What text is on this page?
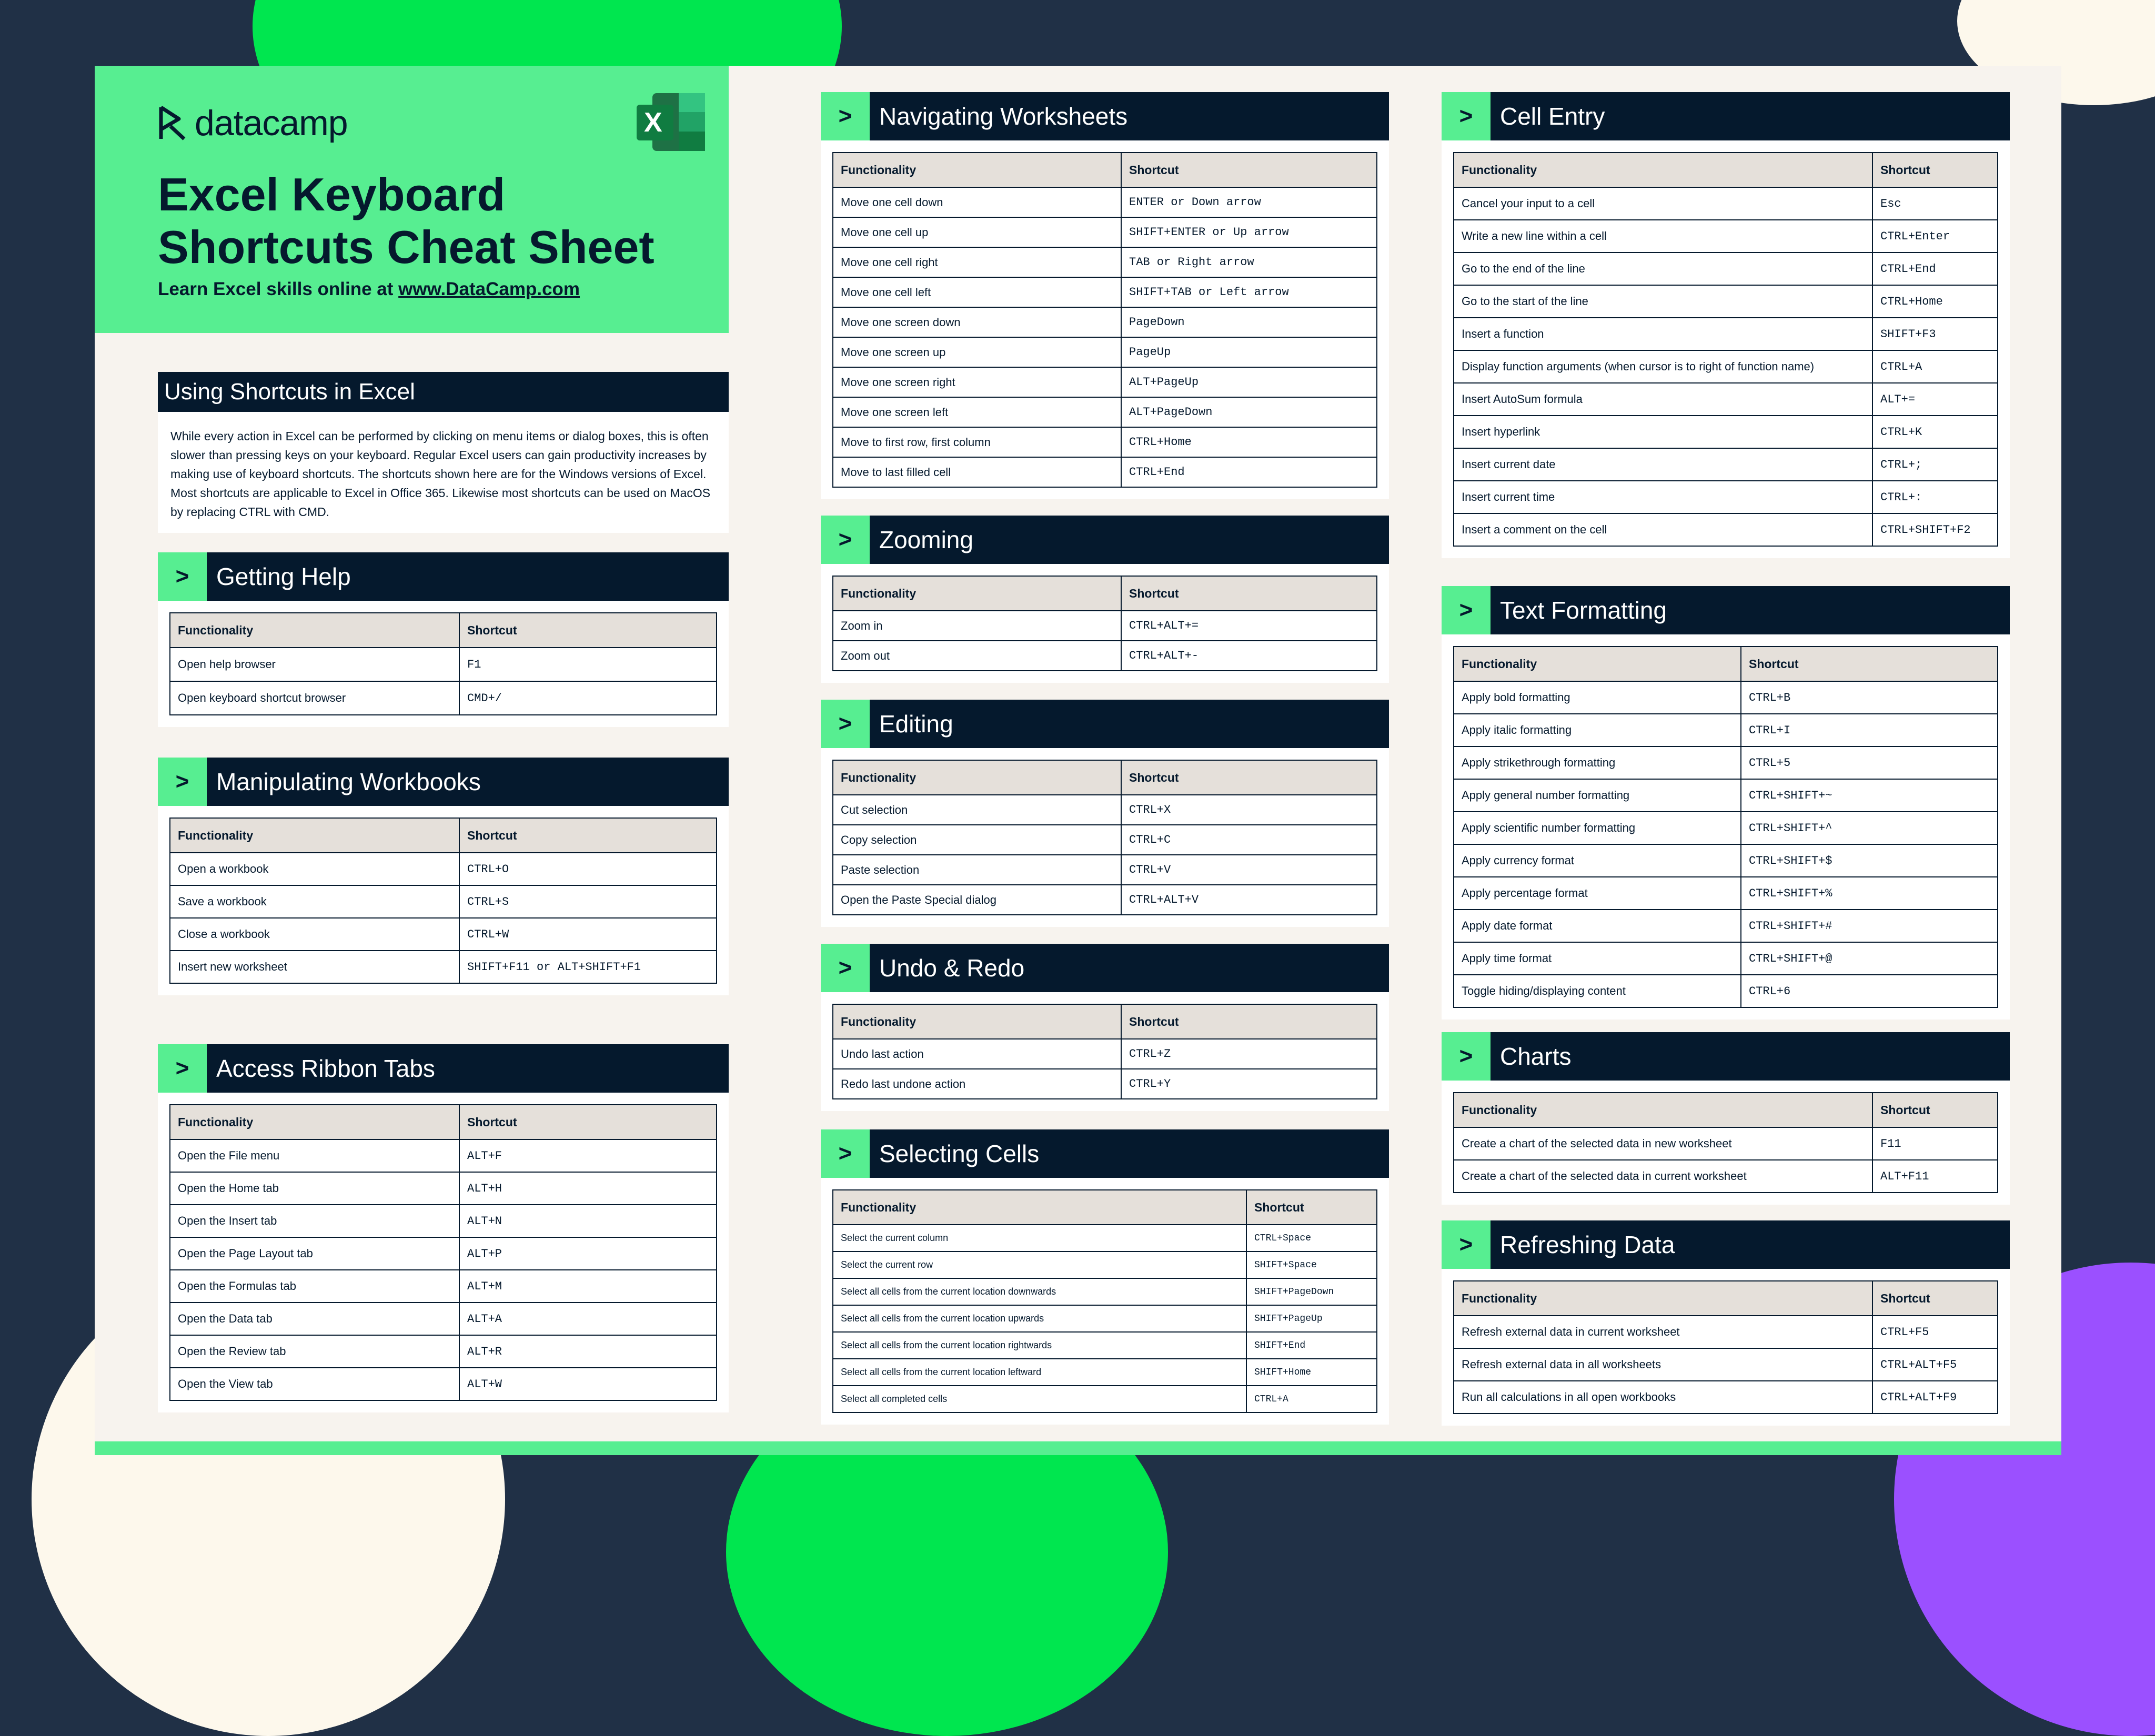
datacamp	X
Excel Keyboard
Shortcuts Cheat Sheet
Learn Excel skills online at www.DataCamp.com
Using Shortcuts in Excel
While every action in Excel can be performed by clicking on menu items or dialog boxes, this is often slower than pressing keys on your keyboard. Regular Excel users can gain productivity increases by making use of keyboard shortcuts. The shortcuts shown here are for the Windows versions of Excel. Most shortcuts are applicable to Excel in Office 365. Likewise most shortcuts can be used on MacOS by replacing CTRL with CMD.
>	Getting Help
Functionality	Shortcut
Open help browser	F1
Open keyboard shortcut browser	CMD+/
>	Manipulating Workbooks
Functionality	Shortcut
Open a workbook	CTRL+O
Save a workbook	CTRL+S
Close a workbook	CTRL+W
Insert new worksheet	SHIFT+F11 or ALT+SHIFT+F1
>	Access Ribbon Tabs
Functionality	Shortcut
Open the File menu	ALT+F
Open the Home tab	ALT+H
Open the Insert tab	ALT+N
Open the Page Layout tab	ALT+P
Open the Formulas tab	ALT+M
Open the Data tab	ALT+A
Open the Review tab	ALT+R
Open the View tab	ALT+W
>	Navigating Worksheets
Functionality	Shortcut
Move one cell down	ENTER or Down arrow
Move one cell up	SHIFT+ENTER or Up arrow
Move one cell right	TAB or Right arrow
Move one cell left	SHIFT+TAB or Left arrow
Move one screen down	PageDown
Move one screen up	PageUp
Move one screen right	ALT+PageUp
Move one screen left	ALT+PageDown
Move to first row, first column	CTRL+Home
Move to last filled cell	CTRL+End
>	Zooming
Functionality	Shortcut
Zoom in	CTRL+ALT+=
Zoom out	CTRL+ALT+-
>	Editing
Functionality	Shortcut
Cut selection	CTRL+X
Copy selection	CTRL+C
Paste selection	CTRL+V
Open the Paste Special dialog	CTRL+ALT+V
>	Undo & Redo
Functionality	Shortcut
Undo last action	CTRL+Z
Redo last undone action	CTRL+Y
>	Selecting Cells
Functionality	Shortcut
Select the current column	CTRL+Space
Select the current row	SHIFT+Space
Select all cells from the current location downwards	SHIFT+PageDown
Select all cells from the current location upwards	SHIFT+PageUp
Select all cells from the current location rightwards	SHIFT+End
Select all cells from the current location leftward	SHIFT+Home
Select all completed cells	CTRL+A
>	Cell Entry
Functionality	Shortcut
Cancel your input to a cell	Esc
Write a new line within a cell	CTRL+Enter
Go to the end of the line	CTRL+End
Go to the start of the line	CTRL+Home
Insert a function	SHIFT+F3
Display function arguments (when cursor is to right of function name)	CTRL+A
Insert AutoSum formula	ALT+=
Insert hyperlink	CTRL+K
Insert current date	CTRL+;
Insert current time	CTRL+:
Insert a comment on the cell	CTRL+SHIFT+F2
>	Text Formatting
Functionality	Shortcut
Apply bold formatting	CTRL+B
Apply italic formatting	CTRL+I
Apply strikethrough formatting	CTRL+5
Apply general number formatting	CTRL+SHIFT+~
Apply scientific number formatting	CTRL+SHIFT+^
Apply currency format	CTRL+SHIFT+$
Apply percentage format	CTRL+SHIFT+%
Apply date format	CTRL+SHIFT+#
Apply time format	CTRL+SHIFT+@
Toggle hiding/displaying content	CTRL+6
>	Charts
Functionality	Shortcut
Create a chart of the selected data in new worksheet	F11
Create a chart of the selected data in current worksheet	ALT+F11
>	Refreshing Data
Functionality	Shortcut
Refresh external data in current worksheet	CTRL+F5
Refresh external data in all worksheets	CTRL+ALT+F5
Run all calculations in all open workbooks	CTRL+ALT+F9
